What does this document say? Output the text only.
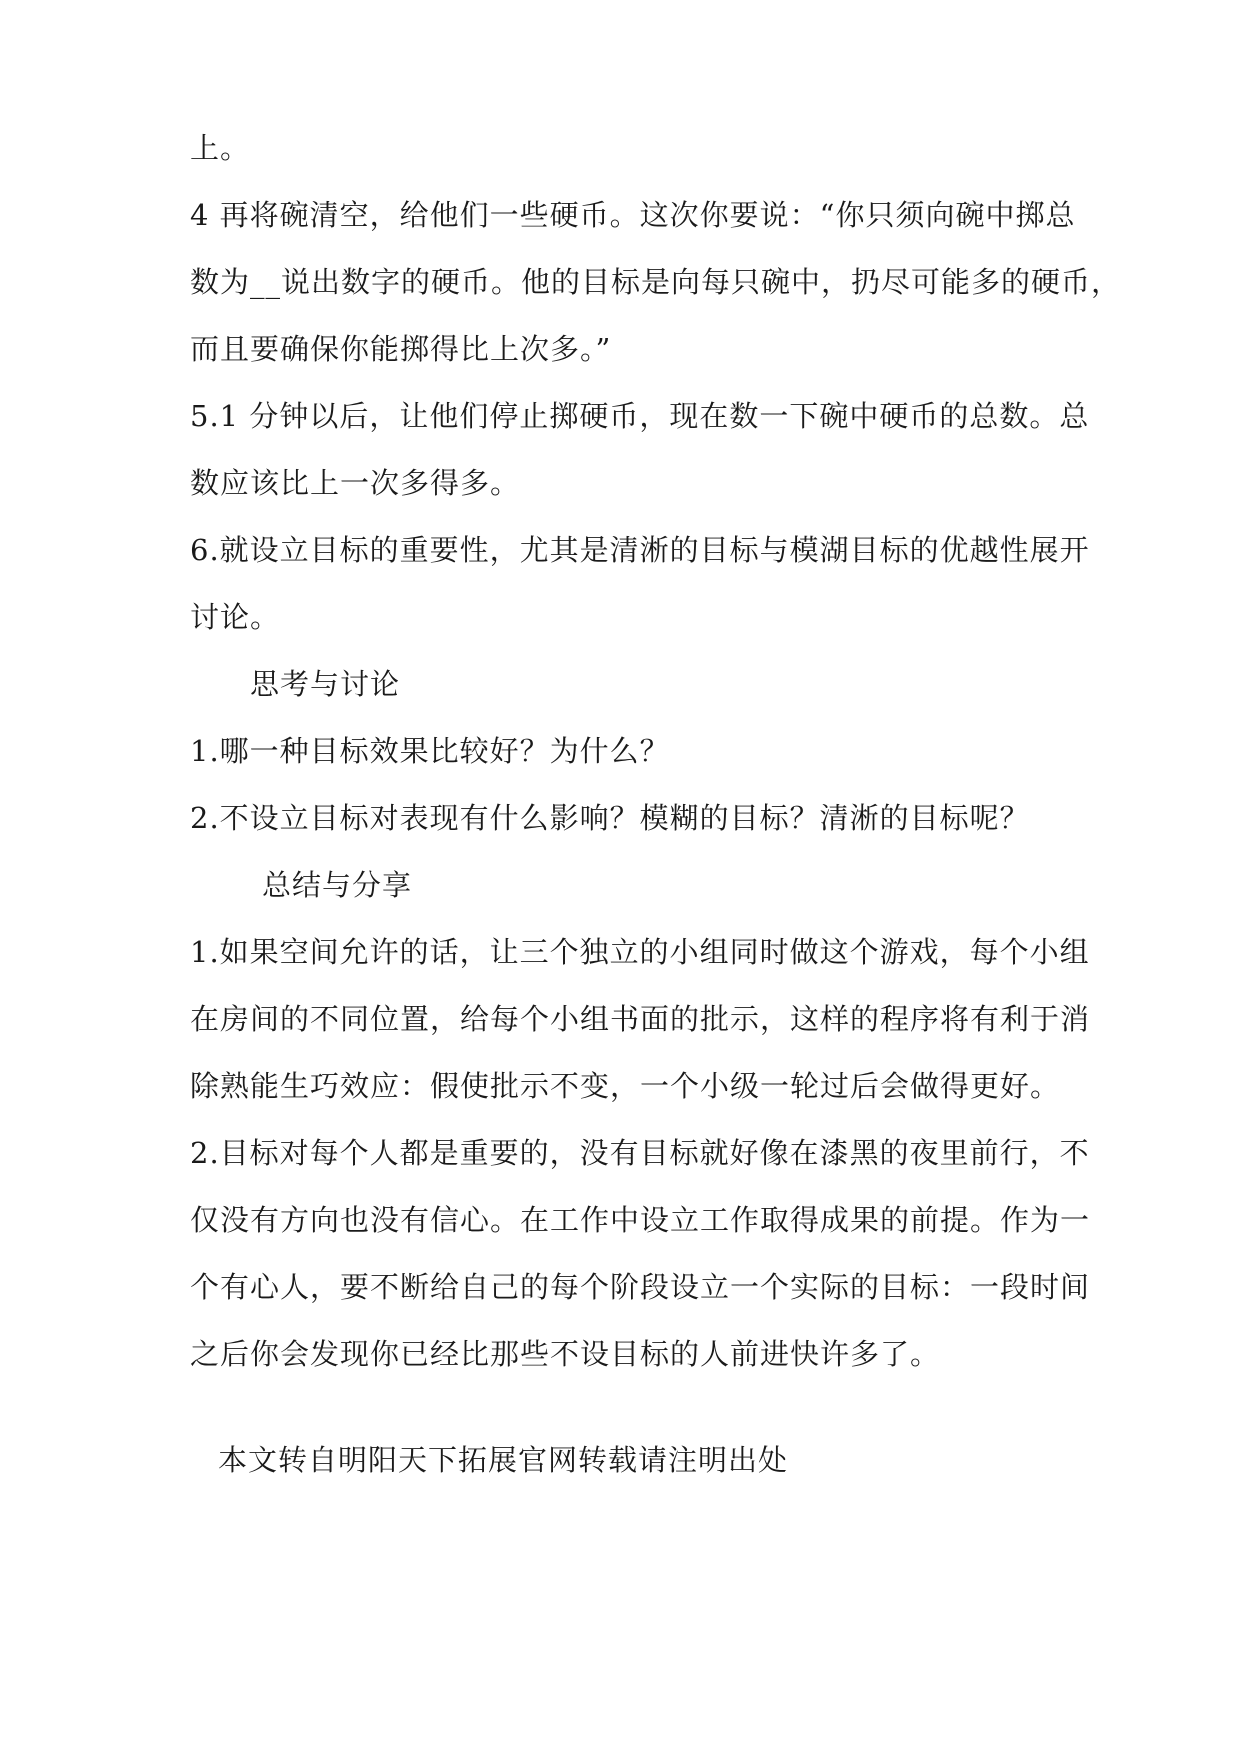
上。

4 再将碗清空，给他们一些硬币。这次你要说：“你只须向碗中掷总

数为__说出数字的硬币。他的目标是向每只碗中，扔尽可能多的硬币，

而且要确保你能掷得比上次多。”

5.1 分钟以后，让他们停止掷硬币，现在数一下碗中硬币的总数。总

数应该比上一次多得多。

6.就设立目标的重要性，尤其是清淅的目标与模湖目标的优越性展开

讨论。

思考与讨论

1.哪一种目标效果比较好？为什么？

2.不设立目标对表现有什么影响？模糊的目标？清淅的目标呢？

总结与分享

1.如果空间允许的话，让三个独立的小组同时做这个游戏，每个小组

在房间的不同位置，给每个小组书面的批示，这样的程序将有利于消

除熟能生巧效应：假使批示不变，一个小级一轮过后会做得更好。

2.目标对每个人都是重要的，没有目标就好像在漆黑的夜里前行，不

仅没有方向也没有信心。在工作中设立工作取得成果的前提。作为一

个有心人，要不断给自己的每个阶段设立一个实际的目标：一段时间

之后你会发现你已经比那些不设目标的人前进快许多了。

本文转自明阳天下拓展官网转载请注明出处
